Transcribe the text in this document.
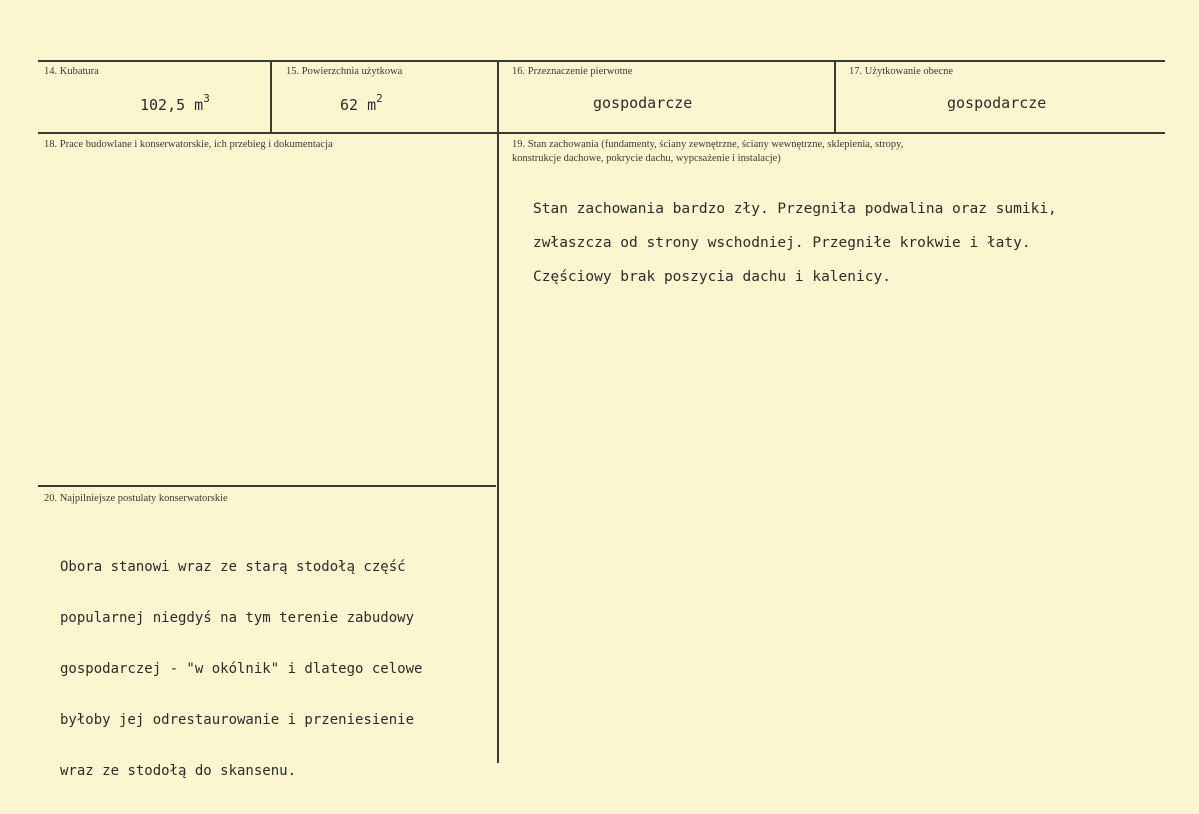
14. Kubatura
102,5 $m^3$
15. Powierzchnia użytkowa
62 $m^2$
16. Przeznaczenie pierwotne
gospodarcze
17. Użytkowanie obecne
gospodarcze
18. Prace budowlane i konserwatorskie, ich przebieg i dokumentacja	19. Stan zachowania (fundamenty, ściany zewnętrzne, ściany wewnętrzne, sklepienia, stropy,
konstrukcje dachowe, pokrycie dachu, wypcsażenie i instalacje)
Stan zachowania bardzo zły. Przegniła podwalina oraz sumiki,
zwłaszcza od strony wschodniej. Przegniłe krokwie i łaty.
Częściowy brak poszycia dachu i kalenicy.
20. Najpilniejsze postulaty konserwatorskie

Obora stanowi wraz ze starą stodołą część

popularnej niegdyś na tym terenie zabudowy

gospodarczej - "w okólnik" i dlatego celowe

byłoby jej odrestaurowanie i przeniesienie

wraz ze stodołą do skansenu.
